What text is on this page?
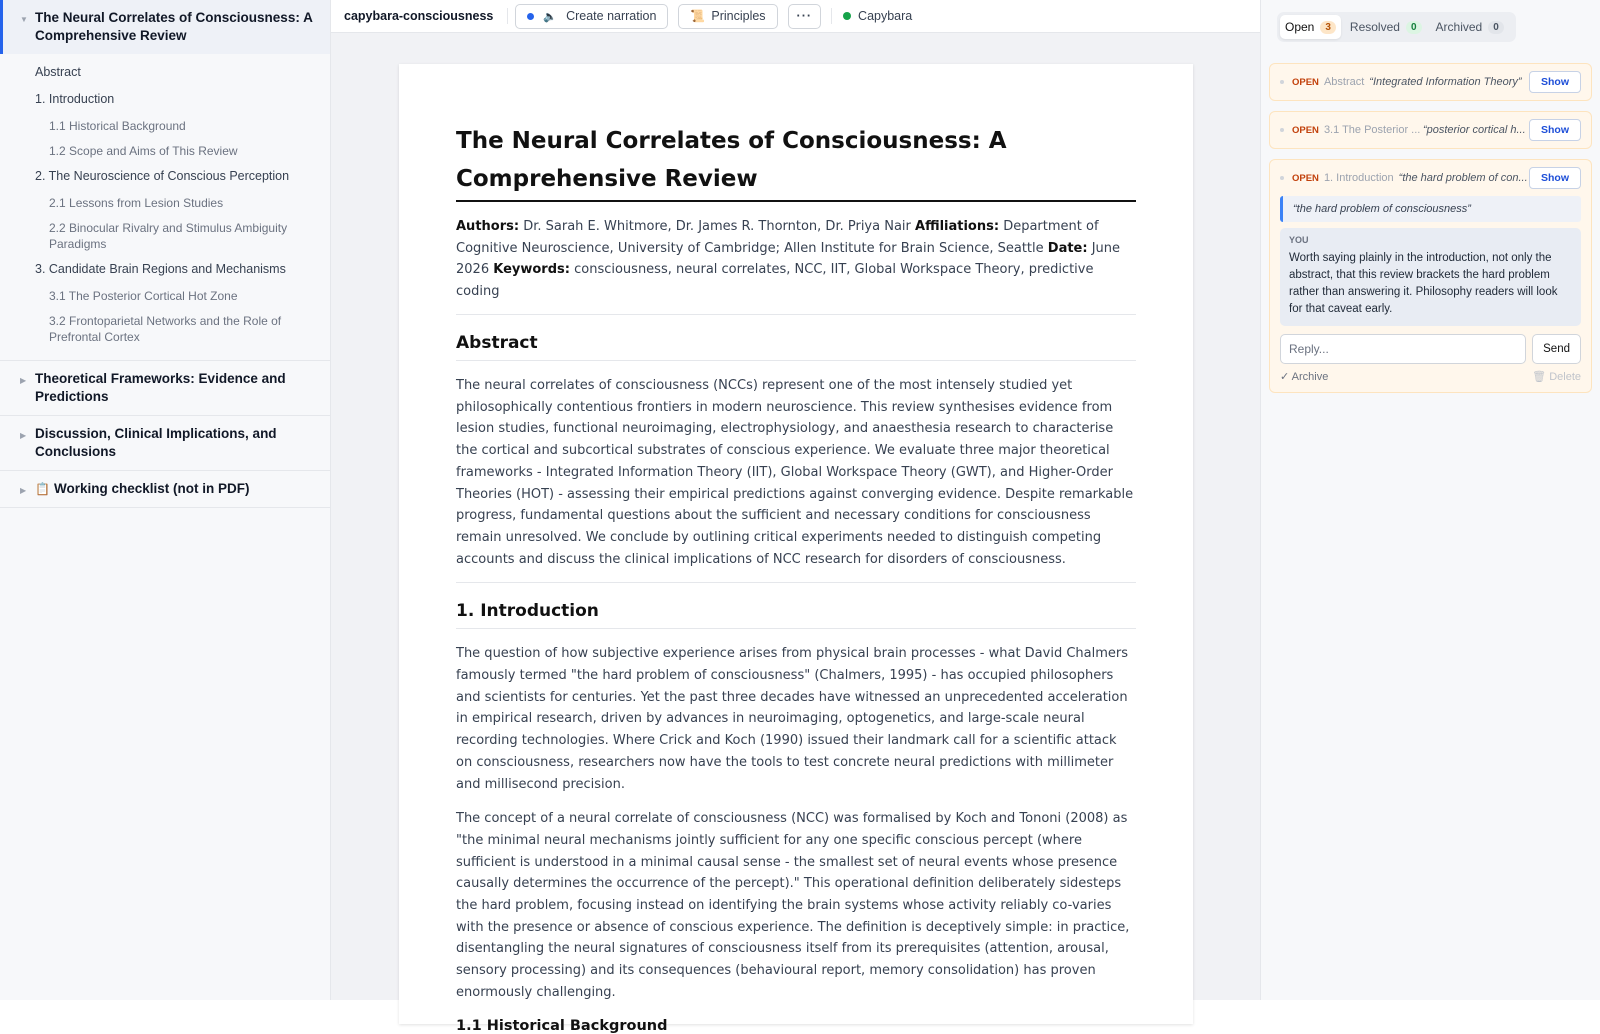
▼ The Neural Correlates of Consciousness: A Comprehensive Review
Abstract
1. Introduction
1.1 Historical Background
1.2 Scope and Aims of This Review
2. The Neuroscience of Conscious Perception
2.1 Lessons from Lesion Studies
2.2 Binocular Rivalry and Stimulus Ambiguity Paradigms
3. Candidate Brain Regions and Mechanisms
3.1 The Posterior Cortical Hot Zone
3.2 Frontoparietal Networks and the Role of Prefrontal Cortex
▶ Theoretical Frameworks: Evidence and Predictions
▶ Discussion, Clinical Implications, and Conclusions
▶ 📋 Working checklist (not in PDF)
capybara-consciousness	🔈 Create narration	📜 Principles	···	Capybara
The Neural Correlates of Consciousness: A Comprehensive Review
Authors: Dr. Sarah E. Whitmore, Dr. James R. Thornton, Dr. Priya Nair Affiliations: Department of Cognitive Neuroscience, University of Cambridge; Allen Institute for Brain Science, Seattle Date: June 2026 Keywords: consciousness, neural correlates, NCC, IIT, Global Workspace Theory, predictive coding
Abstract
The neural correlates of consciousness (NCCs) represent one of the most intensely studied yet philosophically contentious frontiers in modern neuroscience. This review synthesises evidence from lesion studies, functional neuroimaging, electrophysiology, and anaesthesia research to characterise the cortical and subcortical substrates of conscious experience. We evaluate three major theoretical frameworks - Integrated Information Theory (IIT), Global Workspace Theory (GWT), and Higher-Order Theories (HOT) - assessing their empirical predictions against converging evidence. Despite remarkable progress, fundamental questions about the sufficient and necessary conditions for consciousness remain unresolved. We conclude by outlining critical experiments needed to distinguish competing accounts and discuss the clinical implications of NCC research for disorders of consciousness.
1. Introduction
The question of how subjective experience arises from physical brain processes - what David Chalmers famously termed "the hard problem of consciousness" (Chalmers, 1995) - has occupied philosophers and scientists for centuries. Yet the past three decades have witnessed an unprecedented acceleration in empirical research, driven by advances in neuroimaging, optogenetics, and large-scale neural recording technologies. Where Crick and Koch (1990) issued their landmark call for a scientific attack on consciousness, researchers now have the tools to test concrete neural predictions with millimeter and millisecond precision.
The concept of a neural correlate of consciousness (NCC) was formalised by Koch and Tononi (2008) as "the minimal neural mechanisms jointly sufficient for any one specific conscious percept (where sufficient is understood in a minimal causal sense - the smallest set of neural events whose presence causally determines the occurrence of the percept)." This operational definition deliberately sidesteps the hard problem, focusing instead on identifying the brain systems whose activity reliably co-varies with the presence or absence of conscious experience. The definition is deceptively simple: in practice, disentangling the neural signatures of consciousness itself from its prerequisites (attention, arousal, sensory processing) and its consequences (behavioural report, memory consolidation) has proven enormously challenging.
1.1 Historical Background
Open	3	Resolved	0	Archived	0
OPEN Abstract “Integrated Information Theory”	Show
OPEN 3.1 The Posterior ... “posterior cortical h...	Show
OPEN 1. Introduction “the hard problem of con...	Show
“the hard problem of consciousness”
YOU
Worth saying plainly in the introduction, not only the abstract, that this review brackets the hard problem rather than answering it. Philosophy readers will look for that caveat early.
Reply...
Send
✓ Archive	🗑 Delete
